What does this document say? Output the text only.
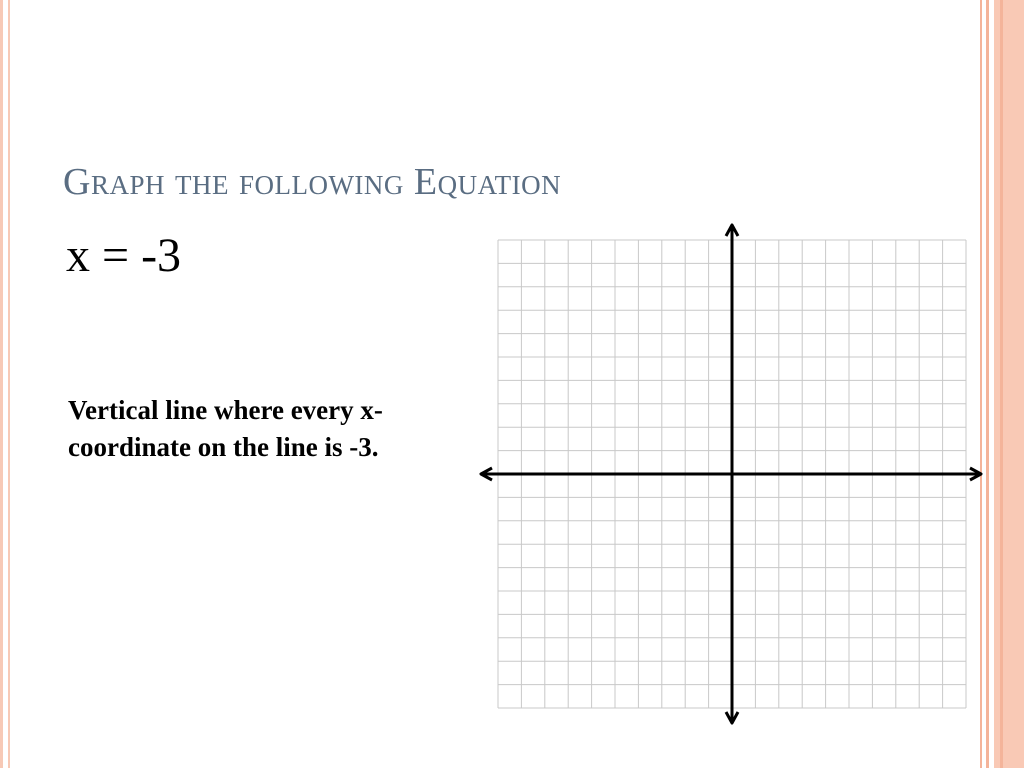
Graph the following Equation
x = -3
Vertical line where every x-coordinate on the line is -3.
